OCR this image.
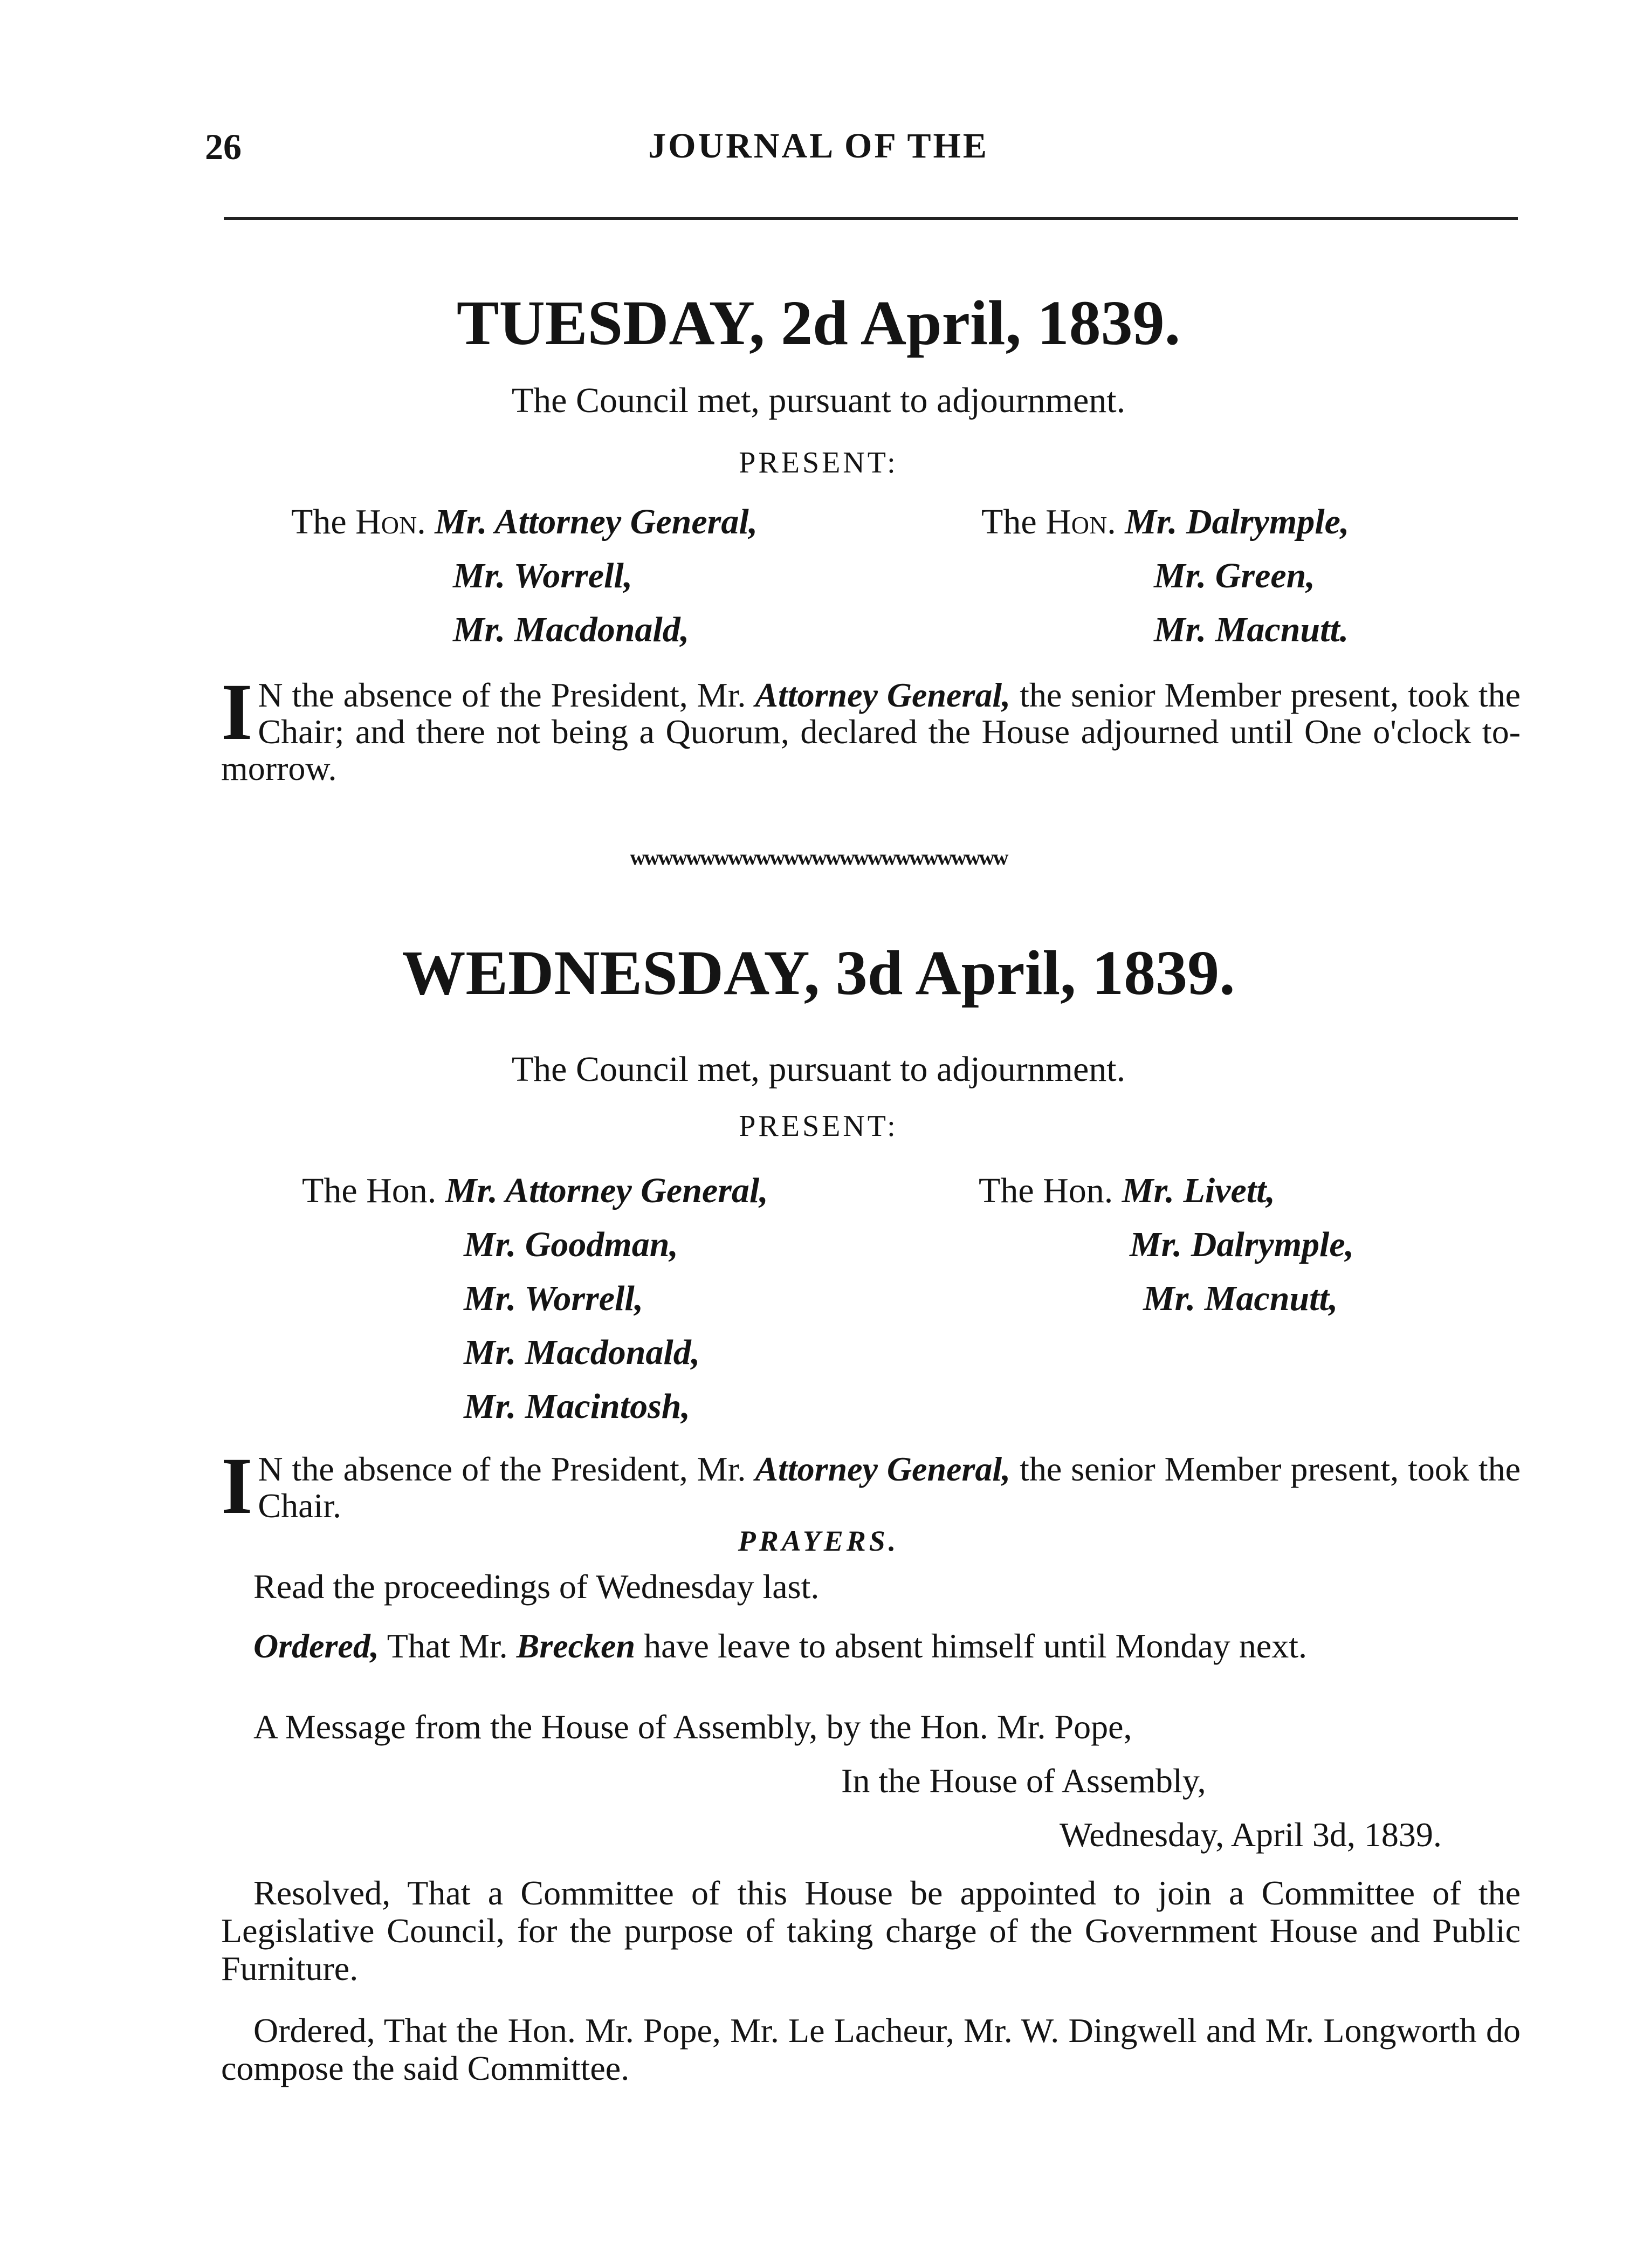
26	JOURNAL OF THE
TUESDAY, 2d April, 1839.
The Council met, pursuant to adjournment.
PRESENT:
The Hon. Mr. Attorney General,
Mr. Worrell,
Mr. Macdonald,
The Hon. Mr. Dalrymple,
Mr. Green,
Mr. Macnutt.
I N the absence of the President, Mr. Attorney General, the senior Member present, took the Chair; and there not being a Quorum, declared the House adjourned until One o'clock to-morrow.
wwwwwwwwwwwwwwwwwwwwwwwwwww
WEDNESDAY, 3d April, 1839.
The Council met, pursuant to adjournment.
PRESENT:
The Hon. Mr. Attorney General,
Mr. Goodman,
Mr. Worrell,
Mr. Macdonald,
Mr. Macintosh,
The Hon. Mr. Livett,
Mr. Dalrymple,
Mr. Macnutt,
I N the absence of the President, Mr. Attorney General, the senior Member present, took the Chair.
PRAYERS.
Read the proceedings of Wednesday last.
Ordered, That Mr. Brecken have leave to absent himself until Monday next.
A Message from the House of Assembly, by the Hon. Mr. Pope,
In the House of Assembly,
Wednesday, April 3d, 1839.
Resolved, That a Committee of this House be appointed to join a Committee of the Legislative Council, for the purpose of taking charge of the Government House and Public Furniture.
Ordered, That the Hon. Mr. Pope, Mr. Le Lacheur, Mr. W. Dingwell and Mr. Longworth do compose the said Committee.
